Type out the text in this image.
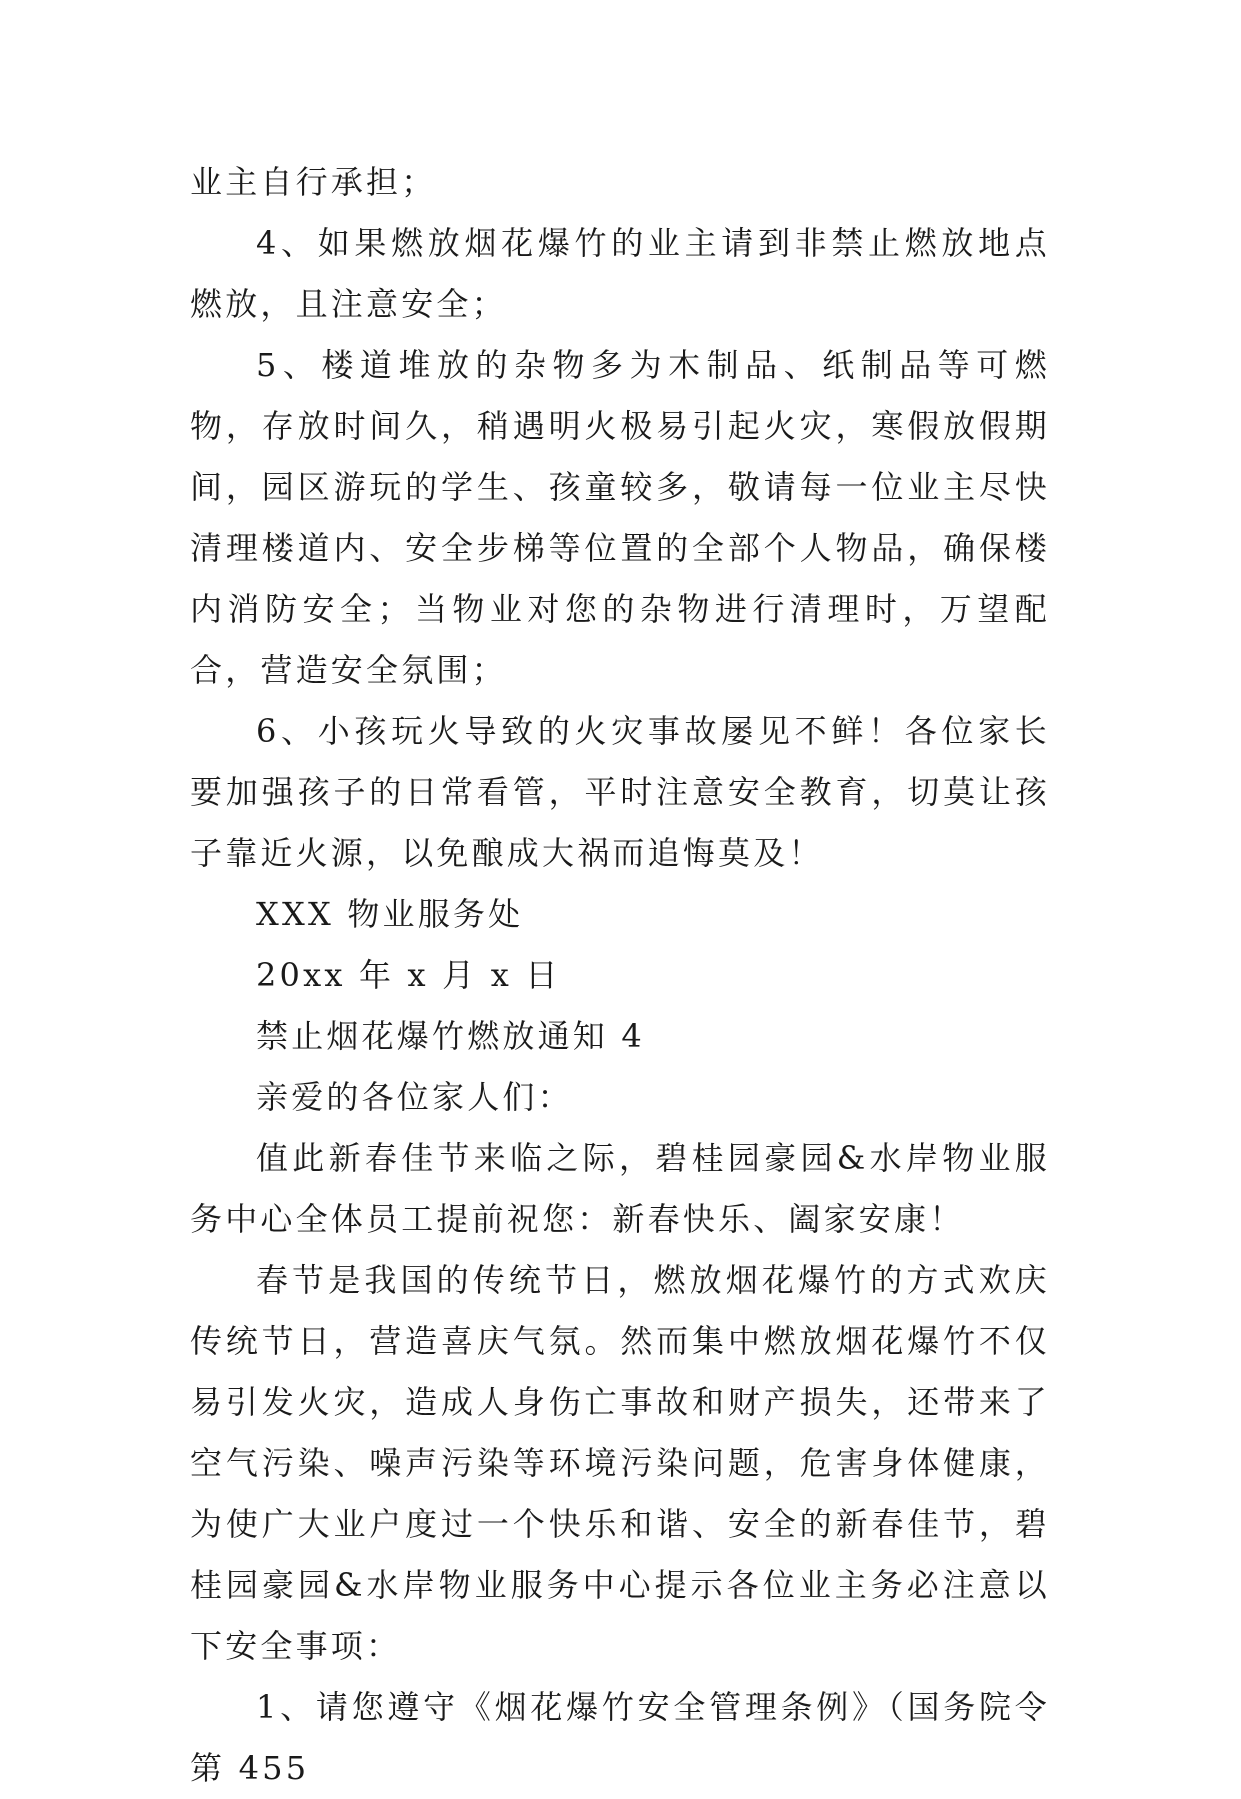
业主自行承担；

4、如果燃放烟花爆竹的业主请到非禁止燃放地点燃放，且注意安全；

5、楼道堆放的杂物多为木制品、纸制品等可燃物，存放时间久，稍遇明火极易引起火灾，寒假放假期间，园区游玩的学生、孩童较多，敬请每一位业主尽快清理楼道内、安全步梯等位置的全部个人物品，确保楼内消防安全；当物业对您的杂物进行清理时，万望配合，营造安全氛围；

6、小孩玩火导致的火灾事故屡见不鲜！各位家长要加强孩子的日常看管，平时注意安全教育，切莫让孩子靠近火源，以免酿成大祸而追悔莫及！

XXX 物业服务处

20xx 年 x 月 x 日

禁止烟花爆竹燃放通知 4

亲爱的各位家人们：

值此新春佳节来临之际，碧桂园豪园&水岸物业服务中心全体员工提前祝您：新春快乐、阖家安康！

春节是我国的传统节日，燃放烟花爆竹的方式欢庆传统节日，营造喜庆气氛。然而集中燃放烟花爆竹不仅易引发火灾，造成人身伤亡事故和财产损失，还带来了空气污染、噪声污染等环境污染问题，危害身体健康，为使广大业户度过一个快乐和谐、安全的新春佳节，碧桂园豪园&水岸物业服务中心提示各位业主务必注意以下安全事项：

1、请您遵守《烟花爆竹安全管理条例》（国务院令第 455
